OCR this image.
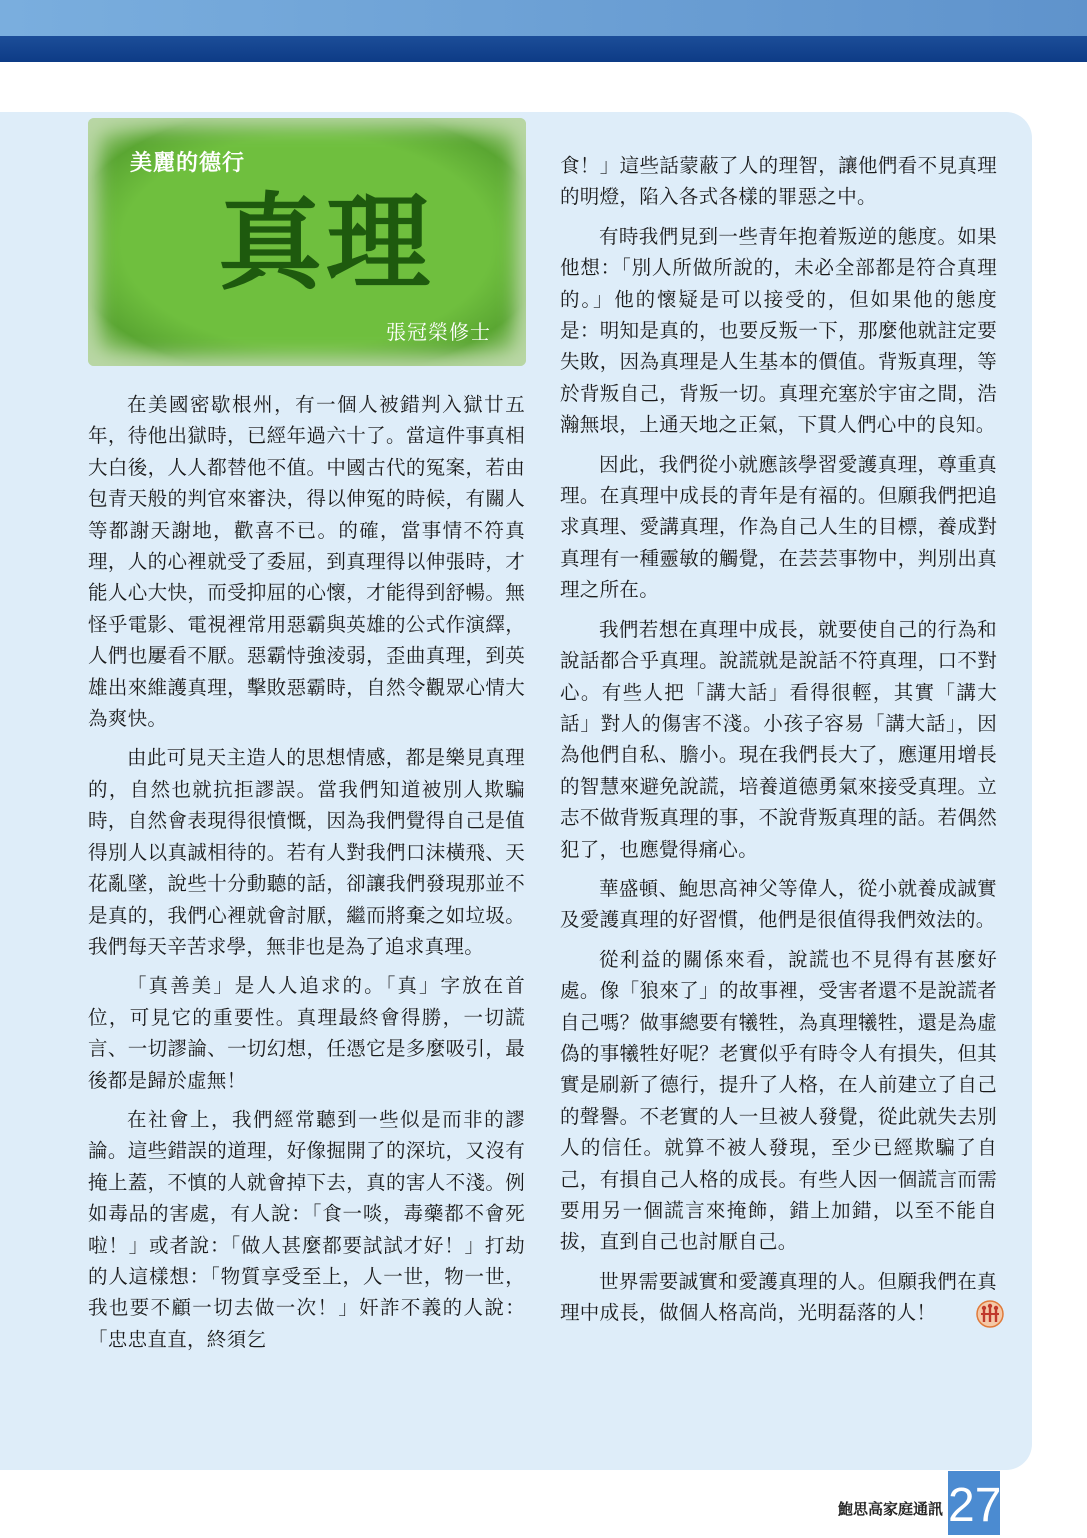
美麗的德行
真理
張冠榮修士

在美國密歇根州，有一個人被錯判入獄廿五年，待他出獄時，已經年過六十了。當這件事真相大白後，人人都替他不值。中國古代的冤案，若由包青天般的判官來審決，得以伸冤的時候，有關人等都謝天謝地，歡喜不已。的確，當事情不符真理，人的心裡就受了委屈，到真理得以伸張時，才能人心大快，而受抑屈的心懷，才能得到舒暢。無怪乎電影、電視裡常用惡霸與英雄的公式作演繹，人們也屢看不厭。惡霸恃強淩弱，歪曲真理，到英雄出來維護真理，擊敗惡霸時，自然令觀眾心情大為爽快。

由此可見天主造人的思想情感，都是樂見真理的，自然也就抗拒謬誤。當我們知道被別人欺騙時，自然會表現得很憤慨，因為我們覺得自己是值得別人以真誠相待的。若有人對我們口沫橫飛、天花亂墜，說些十分動聽的話，卻讓我們發現那並不是真的，我們心裡就會討厭，繼而將棄之如垃圾。我們每天辛苦求學，無非也是為了追求真理。

「真善美」是人人追求的。「真」字放在首位，可見它的重要性。真理最終會得勝，一切謊言、一切謬論、一切幻想，任憑它是多麼吸引，最後都是歸於虛無！

在社會上，我們經常聽到一些似是而非的謬論。這些錯誤的道理，好像掘開了的深坑，又沒有掩上蓋，不慎的人就會掉下去，真的害人不淺。例如毒品的害處，有人說：「食一啖，毒藥都不會死啦！」或者說：「做人甚麼都要試試才好！」打劫的人這樣想：「物質享受至上，人一世，物一世，我也要不顧一切去做一次！」奸詐不義的人說：「忠忠直直，終須乞

食！」這些話蒙蔽了人的理智，讓他們看不見真理的明燈，陷入各式各樣的罪惡之中。

有時我們見到一些青年抱着叛逆的態度。如果他想：「別人所做所說的，未必全部都是符合真理的。」他的懷疑是可以接受的，但如果他的態度是：明知是真的，也要反叛一下，那麼他就註定要失敗，因為真理是人生基本的價值。背叛真理，等於背叛自己，背叛一切。真理充塞於宇宙之間，浩瀚無垠，上通天地之正氣，下貫人們心中的良知。

因此，我們從小就應該學習愛護真理，尊重真理。在真理中成長的青年是有福的。但願我們把追求真理、愛講真理，作為自己人生的目標，養成對真理有一種靈敏的觸覺，在芸芸事物中，判別出真理之所在。

我們若想在真理中成長，就要使自己的行為和說話都合乎真理。說謊就是說話不符真理，口不對心。有些人把「講大話」看得很輕，其實「講大話」對人的傷害不淺。小孩子容易「講大話」，因為他們自私、膽小。現在我們長大了，應運用增長的智慧來避免說謊，培養道德勇氣來接受真理。立志不做背叛真理的事，不說背叛真理的話。若偶然犯了，也應覺得痛心。

華盛頓、鮑思高神父等偉人，從小就養成誠實及愛護真理的好習慣，他們是很值得我們效法的。

從利益的關係來看，說謊也不見得有甚麼好處。像「狼來了」的故事裡，受害者還不是說謊者自己嗎？做事總要有犧牲，為真理犧牲，還是為虛偽的事犧牲好呢？老實似乎有時令人有損失，但其實是刷新了德行，提升了人格，在人前建立了自己的聲譽。不老實的人一旦被人發覺，從此就失去別人的信任。就算不被人發現，至少已經欺騙了自己，有損自己人格的成長。有些人因一個謊言而需要用另一個謊言來掩飾，錯上加錯，以至不能自拔，直到自己也討厭自己。

世界需要誠實和愛護真理的人。但願我們在真理中成長，做個人格高尚，光明磊落的人！

鮑思高家庭通訊 27
